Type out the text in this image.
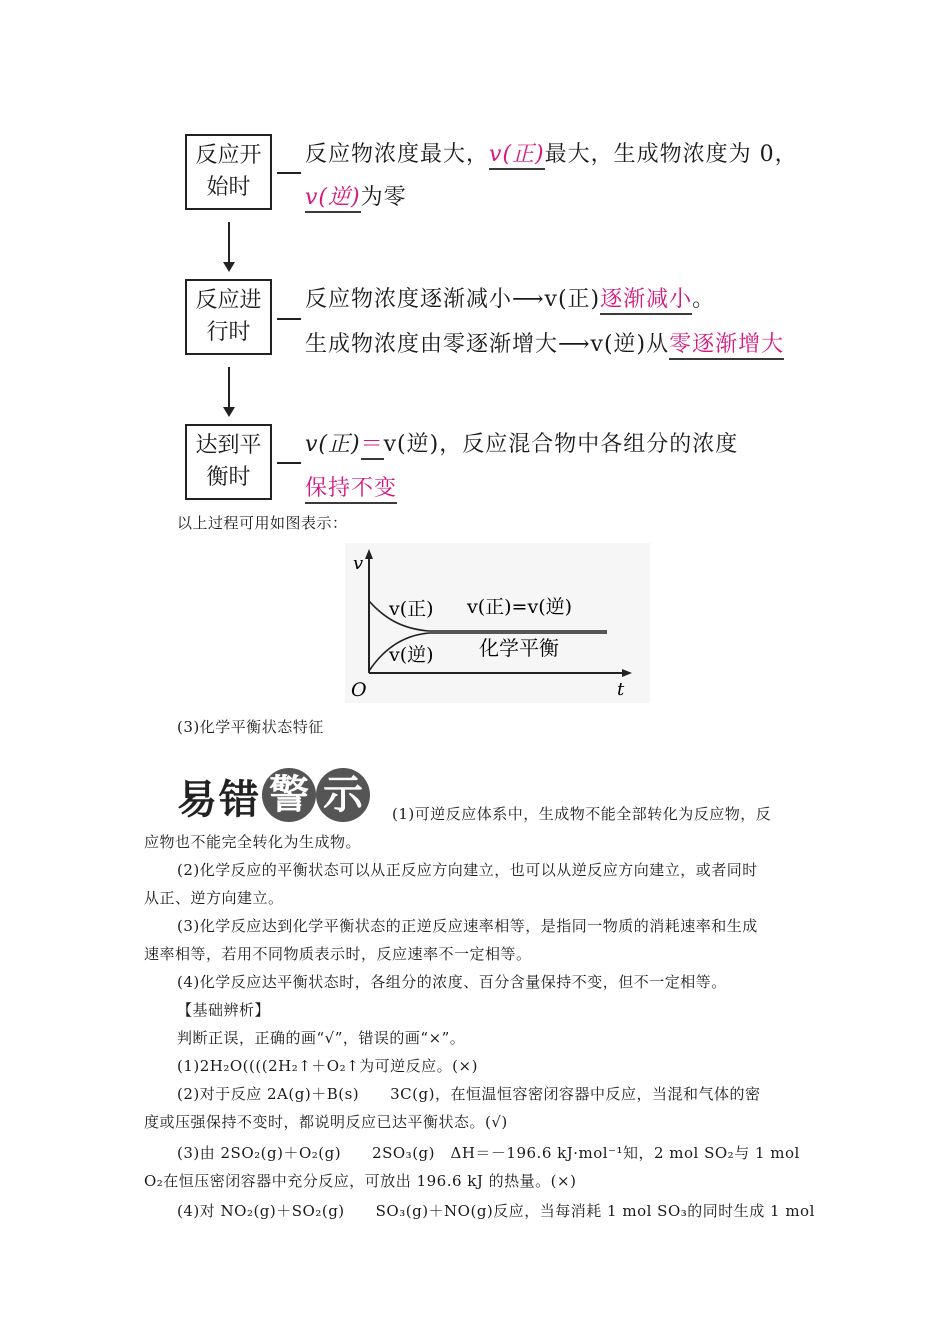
反应开
始时
反应物浓度最大，v(正)最大，生成物浓度为 0，
v(逆)为零
反应进
行时
反应物浓度逐渐减小⟶v(正)逐渐减小。
生成物浓度由零逐渐增大⟶v(逆)从零逐渐增大
达到平
衡时
v(正)＝v(逆)，反应混合物中各组分的浓度
保持不变
以上过程可用如图表示：
v
t
O
v(正)
v(逆)
v(正)=v(逆)
化学平衡
(3)化学平衡状态特征
易错 警 示	(1)可逆反应体系中，生成物不能全部转化为反应物，反
应物也不能完全转化为生成物。
(2)化学反应的平衡状态可以从正反应方向建立，也可以从逆反应方向建立，或者同时
从正、逆方向建立。
(3)化学反应达到化学平衡状态的正逆反应速率相等，是指同一物质的消耗速率和生成
速率相等，若用不同物质表示时，反应速率不一定相等。
(4)化学反应达平衡状态时，各组分的浓度、百分含量保持不变，但不一定相等。
【基础辨析】
判断正误，正确的画“√”，错误的画“×”。
(1)2H₂O((((2H₂↑＋O₂↑为可逆反应。(×)
(2)对于反应 2A(g)＋B(s)　　3C(g)，在恒温恒容密闭容器中反应，当混和气体的密
度或压强保持不变时，都说明反应已达平衡状态。(√)
(3)由 2SO₂(g)＋O₂(g)　　2SO₃(g)　ΔH＝－196.6 kJ·mol⁻¹知，2 mol SO₂与 1 mol
O₂在恒压密闭容器中充分反应，可放出 196.6 kJ 的热量。(×)
(4)对 NO₂(g)＋SO₂(g)　　SO₃(g)＋NO(g)反应，当每消耗 1 mol SO₃的同时生成 1 mol
